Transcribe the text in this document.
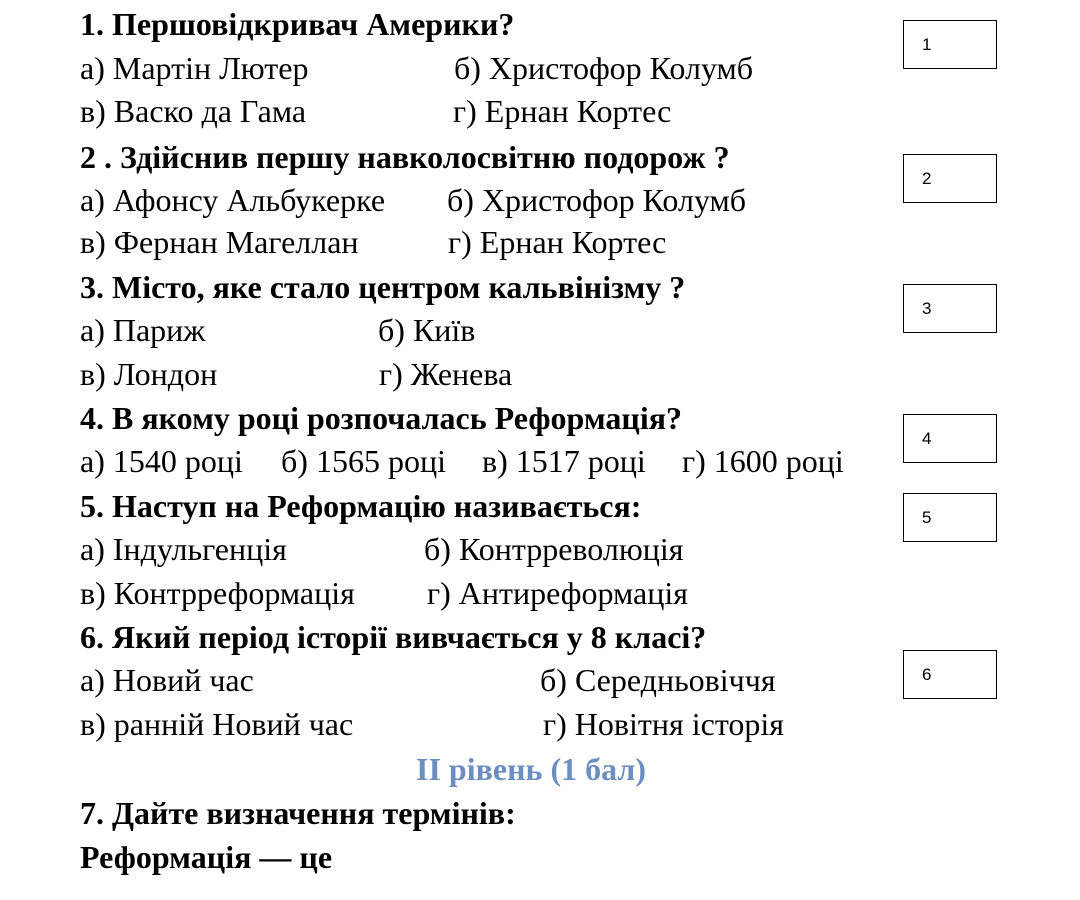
1. Першовідкривач Америки?
а) Мартін Лютер	б) Христофор Колумб
в) Васко да Гама	г) Ернан Кортес
1
2 . Здійснив першу навколосвітню подорож ?
а) Афонсу Альбукерке б) Христофор Колумб
в) Фернан Магеллан	г) Ернан Кортес
2
3. Місто, яке стало центром кальвінізму ?
а) Париж	б) Київ
в) Лондон	г) Женева
3
4. В якому році розпочалась Реформація?
а) 1540 році б) 1565 році в) 1517 році г) 1600 році
4
5. Наступ на Реформацію називається:
а) Індульгенція	б) Контрреволюція
в) Контрреформація г) Антиреформація
5
6. Який період історії вивчається у 8 класі?
а) Новий час	б) Середньовіччя
в) ранній Новий час	г) Новітня історія
6
II рівень (1 бал)
7. Дайте визначення термінів:
Реформація — це
